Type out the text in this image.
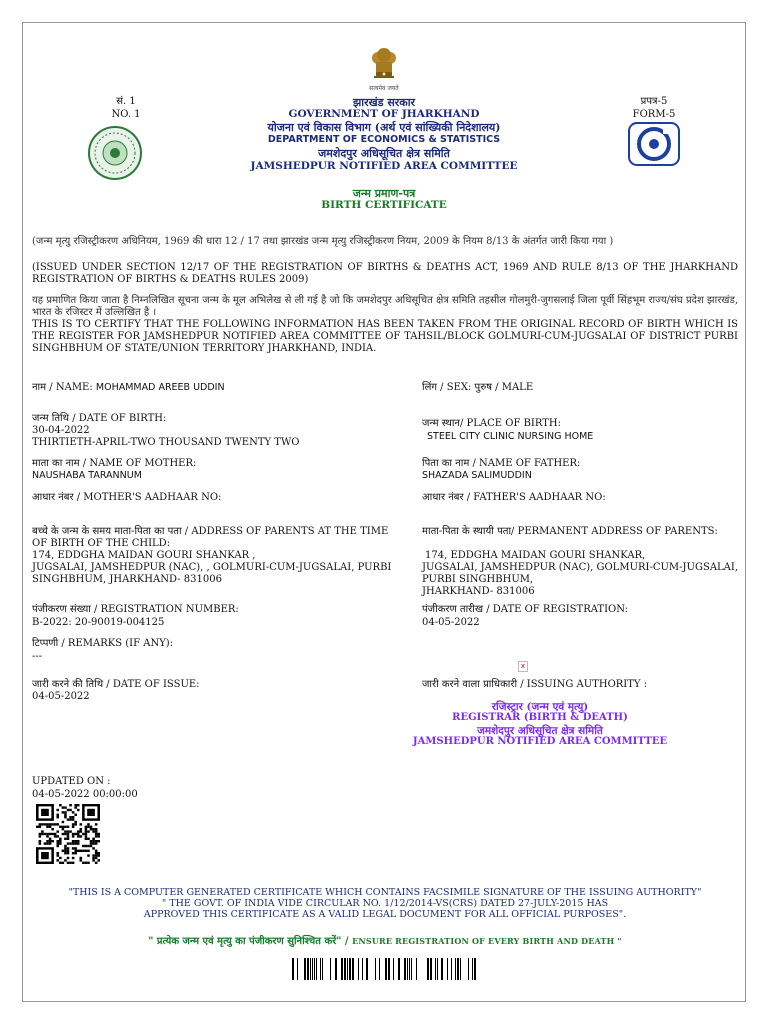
सत्यमेव जयते
सं. 1
NO. 1
प्रपत्र-5
FORM-5
झारखंड सरकार
GOVERNMENT OF JHARKHAND
योजना एवं विकास विभाग (अर्थ एवं सांख्यिकी निदेशालय)
DEPARTMENT OF ECONOMICS & STATISTICS
जमशेदपुर अधिसूचित क्षेत्र समिति
JAMSHEDPUR NOTIFIED AREA COMMITTEE
जन्म प्रमाण-पत्र
BIRTH CERTIFICATE
(जन्म मृत्यु रजिस्ट्रीकरण अधिनियम, 1969 की धारा 12 / 17 तथा झारखंड जन्म मृत्यु रजिस्ट्रीकरण नियम, 2009 के नियम 8/13 के अंतर्गत जारी किया गया )
(ISSUED UNDER SECTION 12/17 OF THE REGISTRATION OF BIRTHS & DEATHS ACT, 1969 AND RULE 8/13 OF THE JHARKHAND REGISTRATION OF BIRTHS & DEATHS RULES 2009)
यह प्रमाणित किया जाता है निम्नलिखित सूचना जन्म के मूल अभिलेख से ली गई है जो कि जमशेदपुर अधिसूचित क्षेत्र समिति तहसील गोलमुरी-जुगसलाई जिला पूर्वी सिंहभूम राज्य/संघ प्रदेश झारखंड, भारत के रजिस्टर में उल्लिखित है ।
THIS IS TO CERTIFY THAT THE FOLLOWING INFORMATION HAS BEEN TAKEN FROM THE ORIGINAL RECORD OF BIRTH WHICH IS THE REGISTER FOR JAMSHEDPUR NOTIFIED AREA COMMITTEE OF TAHSIL/BLOCK GOLMURI-CUM-JUGSALAI OF DISTRICT PURBI SINGHBHUM OF STATE/UNION TERRITORY JHARKHAND, INDIA.
नाम / NAME: MOHAMMAD AREEB UDDIN	लिंग / SEX: पुरुष / MALE
जन्म तिथि / DATE OF BIRTH:
30-04-2022
THIRTIETH-APRIL-TWO THOUSAND TWENTY TWO
जन्म स्थान/ PLACE OF BIRTH:
STEEL CITY CLINIC NURSING HOME
माता का नाम / NAME OF MOTHER:
NAUSHABA TARANNUM
पिता का नाम / NAME OF FATHER:
SHAZADA SALIMUDDIN
आधार नंबर / MOTHER'S AADHAAR NO:	आधार नंबर / FATHER'S AADHAAR NO:
बच्चे के जन्म के समय माता-पिता का पता / ADDRESS OF PARENTS AT THE TIME OF BIRTH OF THE CHILD:
174, EDDGHA MAIDAN GOURI SHANKAR ,
JUGSALAI, JAMSHEDPUR (NAC), , GOLMURI-CUM-JUGSALAI, PURBI
SINGHBHUM, JHARKHAND- 831006
माता-पिता के स्थायी पता/ PERMANENT ADDRESS OF PARENTS:
174, EDDGHA MAIDAN GOURI SHANKAR,
JUGSALAI, JAMSHEDPUR (NAC), GOLMURI-CUM-JUGSALAI,
PURBI SINGHBHUM,
JHARKHAND- 831006
पंजीकरण संख्या / REGISTRATION NUMBER:
B-2022: 20-90019-004125
पंजीकरण तारीख / DATE OF REGISTRATION:
04-05-2022
टिप्पणी / REMARKS (IF ANY):
---
x
जारी करने की तिथि / DATE OF ISSUE:
04-05-2022
जारी करने वाला प्राधिकारी / ISSUING AUTHORITY :
रजिस्ट्रार (जन्म एवं मृत्यु)
REGISTRAR (BIRTH & DEATH)
जमशेदपुर अधिसूचित क्षेत्र समिति
JAMSHEDPUR NOTIFIED AREA COMMITTEE
UPDATED ON :
04-05-2022 00:00:00
"THIS IS A COMPUTER GENERATED CERTIFICATE WHICH CONTAINS FACSIMILE SIGNATURE OF THE ISSUING AUTHORITY"
" THE GOVT. OF INDIA VIDE CIRCULAR NO. 1/12/2014-VS(CRS) DATED 27-JULY-2015 HAS
APPROVED THIS CERTIFICATE AS A VALID LEGAL DOCUMENT FOR ALL OFFICIAL PURPOSES".
" प्रत्येक जन्म एवं मृत्यु का पंजीकरण सुनिश्चित करें" / ENSURE REGISTRATION OF EVERY BIRTH AND DEATH "
